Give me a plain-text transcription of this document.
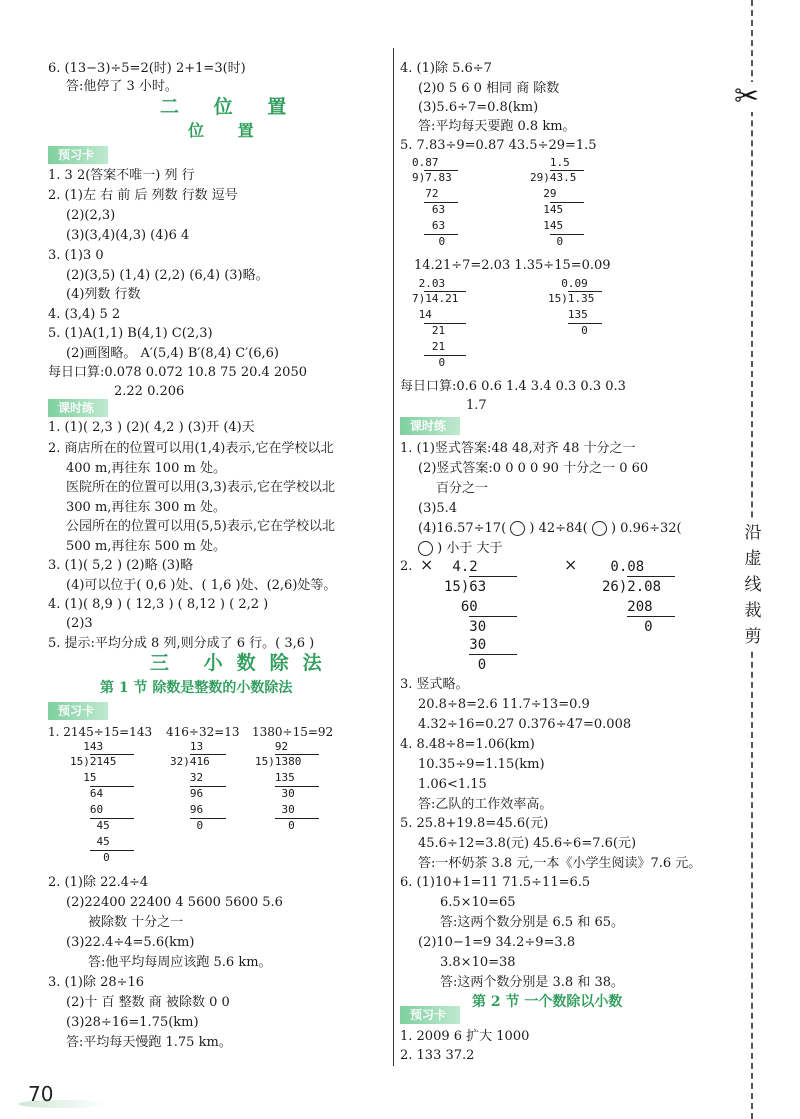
6. (13−3)÷5=2(时) 2+1=3(时)
答:他停了 3 小时。
二 位 置
位 置
预习卡
1. 3 2(答案不唯一) 列 行
2. (1)左 右 前 后 列数 行数 逗号
(2)(2,3)
(3)(3,4)(4,3) (4)6 4
3. (1)3 0
(2)(3,5) (1,4) (2,2) (6,4) (3)略。
(4)列数 行数
4. (3,4) 5 2
5. (1)A(1,1) B(4,1) C(2,3)
(2)画图略。 A′(5,4) B′(8,4) C′(6,6)
每日口算:0.078 0.072 10.8 75 20.4 2050
2.22 0.206
课时练
1. (1)( 2,3 ) (2)( 4,2 ) (3)开 (4)天
2. 商店所在的位置可以用(1,4)表示,它在学校以北
400 m,再往东 100 m 处。
医院所在的位置可以用(3,3)表示,它在学校以北
300 m,再往东 300 m 处。
公园所在的位置可以用(5,5)表示,它在学校以北
500 m,再往东 500 m 处。
3. (1)( 5,2 ) (2)略 (3)略
(4)可以位于( 0,6 )处、( 1,6 )处、(2,6)处等。
4. (1)( 8,9 ) ( 12,3 ) ( 8,12 ) ( 2,2 )
(2)3
5. 提示:平均分成 8 列,则分成了 6 行。( 3,6 )
三 小数除法
第 1 节 除数是整数的小数除法
预习卡
1. 2145÷15=143 416÷32=13 1380÷15=92
143
15)2145
15
64
60
45
45
0
13
32)416
32
96
96
0
92
15)1380
135
30
30
0
2. (1)除 22.4÷4
(2)22400 22400 4 5600 5600 5.6
被除数 十分之一
(3)22.4÷4=5.6(km)
答:他平均每周应该跑 5.6 km。
3. (1)除 28÷16
(2)十 百 整数 商 被除数 0 0
(3)28÷16=1.75(km)
答:平均每天慢跑 1.75 km。
4. (1)除 5.6÷7
(2)0 5 6 0 相同 商 除数
(3)5.6÷7=0.8(km)
答:平均每天要跑 0.8 km。
5. 7.83÷9=0.87 43.5÷29=1.5
0.87
9)7.83
72
63
63
0
1.5
29)43.5
29
145
145
0
14.21÷7=2.03 1.35÷15=0.09
2.03
7)14.21
14
21
21
0
0.09
15)1.35
135
0
每日口算:0.6 0.6 1.4 3.4 0.3 0.3 0.3
1.7
课时练
1. (1)竖式答案:48 48,对齐 48 十分之一
(2)竖式答案:0 0 0 0 90 十分之一 0 60
百分之一
(3)5.4
(4)16.57÷17( ) 42÷84( ) 0.96÷32(
) 小于 大于
2. ×	×
4.2
15)63
60
30
30
0
0.08
26)2.08
208
0
3. 竖式略。
20.8÷8=2.6 11.7÷13=0.9
4.32÷16=0.27 0.376÷47=0.008
4. 8.48÷8=1.06(km)
10.35÷9=1.15(km)
1.06<1.15
答:乙队的工作效率高。
5. 25.8+19.8=45.6(元)
45.6÷12=3.8(元) 45.6÷6=7.6(元)
答:一杯奶茶 3.8 元,一本《小学生阅读》7.6 元。
6. (1)10+1=11 71.5÷11=6.5
6.5×10=65
答:这两个数分别是 6.5 和 65。
(2)10−1=9 34.2÷9=3.8
3.8×10=38
答:这两个数分别是 3.8 和 38。
第 2 节 一个数除以小数
预习卡
1. 2009 6 扩大 1000
2. 133 37.2
✂
沿
虚
线
裁
剪
70
